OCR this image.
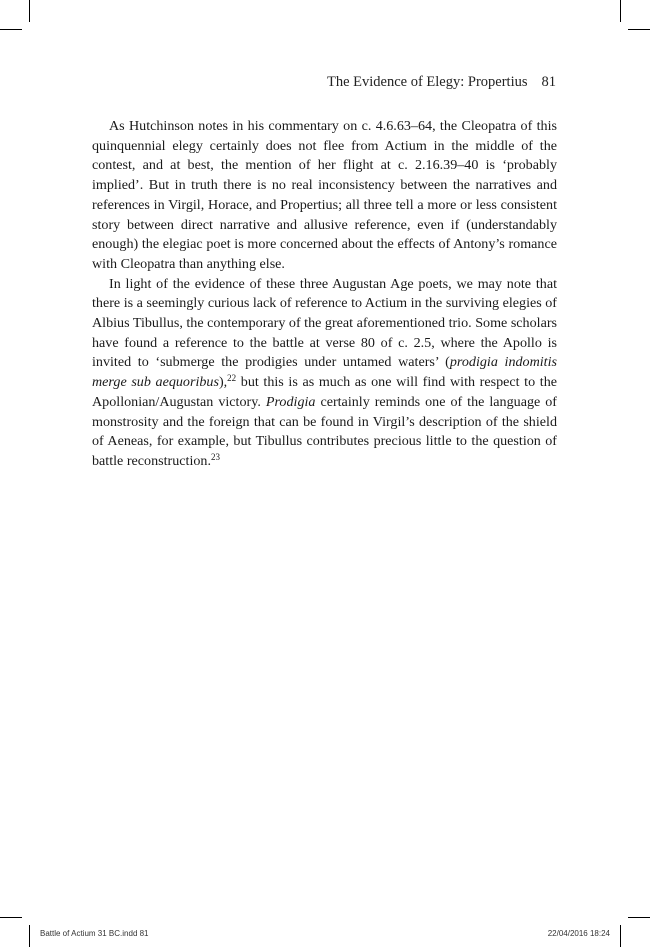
The Evidence of Elegy: Propertius 81

As Hutchinson notes in his commentary on c. 4.6.63–64, the Cleopatra of this quinquennial elegy certainly does not flee from Actium in the middle of the contest, and at best, the mention of her flight at c. 2.16.39–40 is ‘probably implied’. But in truth there is no real inconsistency between the narratives and references in Virgil, Horace, and Propertius; all three tell a more or less consistent story between direct narrative and allusive reference, even if (understandably enough) the elegiac poet is more concerned about the effects of Antony’s romance with Cleopatra than anything else.

In light of the evidence of these three Augustan Age poets, we may note that there is a seemingly curious lack of reference to Actium in the surviving elegies of Albius Tibullus, the contemporary of the great aforementioned trio. Some scholars have found a reference to the battle at verse 80 of c. 2.5, where the Apollo is invited to ‘submerge the prodigies under untamed waters’ (prodigia indomitis merge sub aequoribus),$^{22}$ but this is as much as one will find with respect to the Apollonian/Augustan victory. Prodigia certainly reminds one of the language of monstrosity and the foreign that can be found in Virgil’s description of the shield of Aeneas, for example, but Tibullus contributes precious little to the question of battle reconstruction.$^{23}$

Battle of Actium 31 BC.indd 81	22/04/2016 18:24
